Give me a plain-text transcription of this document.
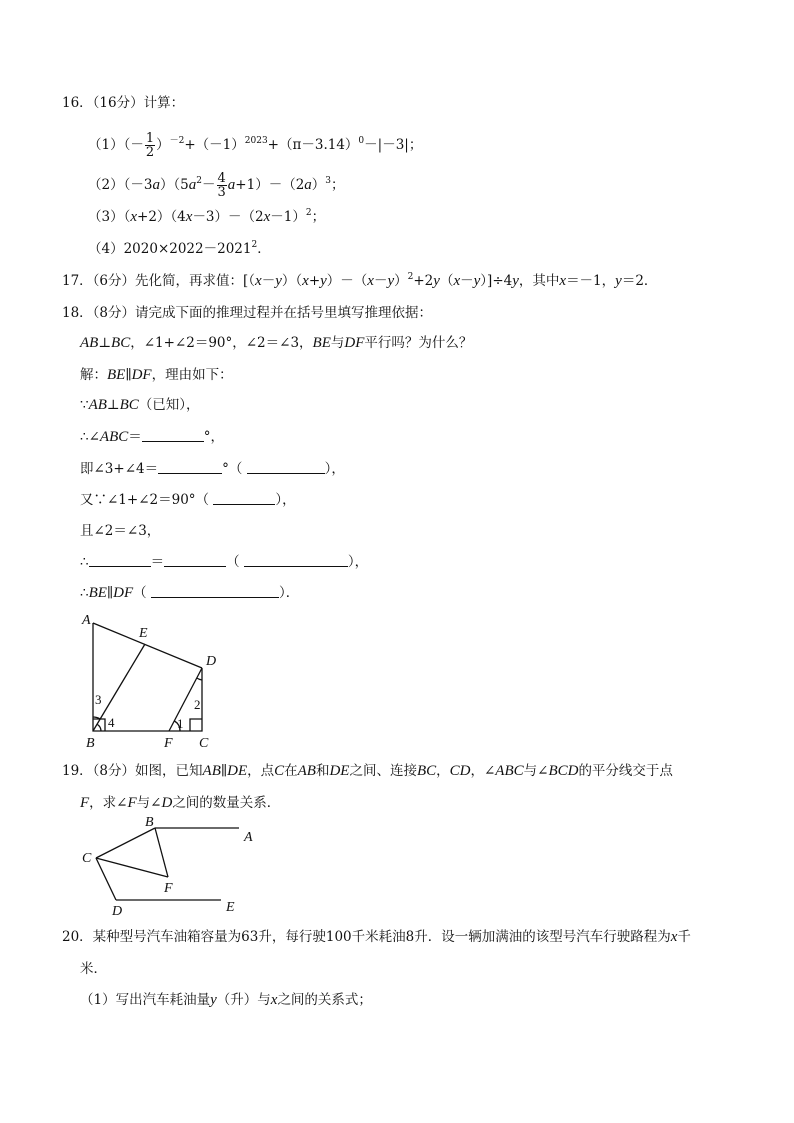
16．（16分）计算：
$(1)(- \frac{1}{2} )^{-2}+(-1)^{2023}+(\pi-3.14)^0-|-3|$；
$(2)(-3a)(5a^2- \frac{4}{3} a+1)-(2a)^3$；
$(3)(x+2)(4x-3)-(2x-1)^2$；
$(4)2020\times 2022-2021^2$．
17．（6分）先化简，再求值：$[(x-y)(x+y)-(x-y)^2+2y(x-y)]\div 4y$，其中x＝－1，y＝2．
18．（8分）请完成下面的推理过程并在括号里填写推理依据：
AB⊥BC，∠1+∠2＝90°，∠2＝∠3，BE与DF平行吗？为什么？
解：BE∥DF，理由如下：
∵AB⊥BC（已知），
∴∠ABC＝	°，
即∠3+∠4＝	°（	），
又∵∠1+∠2＝90°（	），
且∠2＝∠3，
∴	＝	（	），
∴BE∥DF（	）．
A
E
D
B	F C
1
2
3
4
19．（8分）如图，已知AB∥DE，点C在AB和DE之间、连接BC，CD，∠ABC与∠BCD的平分线交于点
F，求∠F与∠D之间的数量关系．
B
A
C
F
D	E
20．某种型号汽车油箱容量为63升，每行驶100千米耗油8升．设一辆加满油的该型号汽车行驶路程为x千
米．
（1）写出汽车耗油量y（升）与x之间的关系式；
